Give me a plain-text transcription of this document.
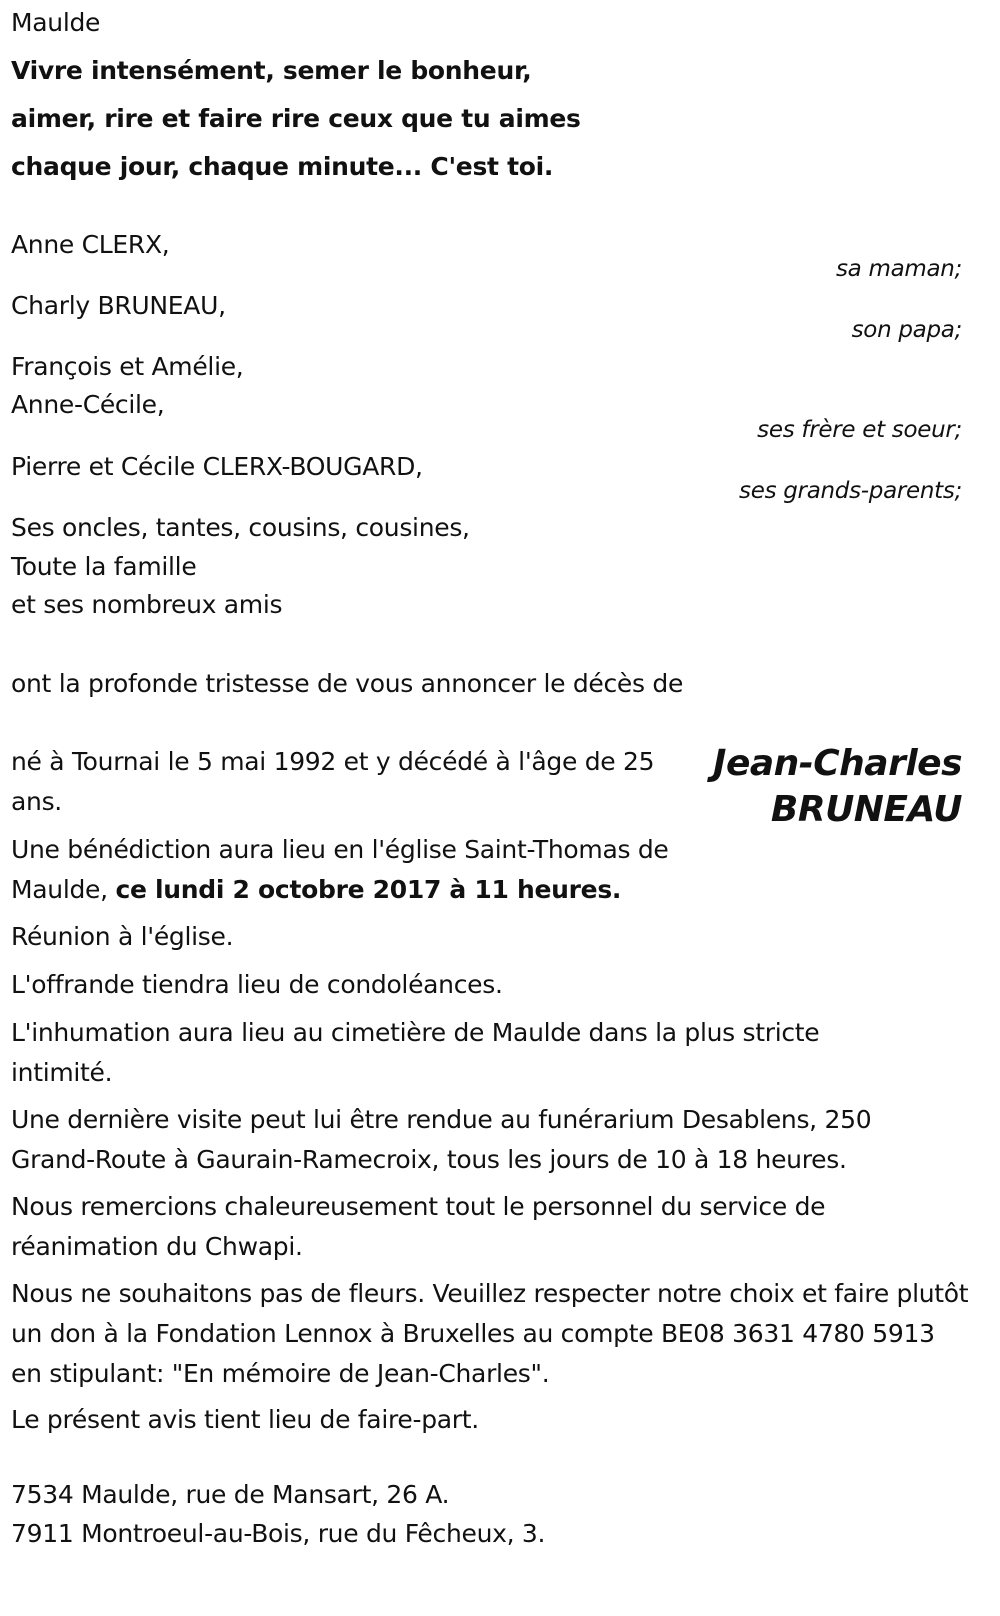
Maulde
Vivre intensément, semer le bonheur,
aimer, rire et faire rire ceux que tu aimes
chaque jour, chaque minute... C'est toi.
Anne CLERX,
sa maman;
Charly BRUNEAU,
son papa;
François et Amélie,
Anne-Cécile,
ses frère et soeur;
Pierre et Cécile CLERX-BOUGARD,
ses grands-parents;
Ses oncles, tantes, cousins, cousines,
Toute la famille
et ses nombreux amis
ont la profonde tristesse de vous annoncer le décès de
Jean-Charles
BRUNEAU
né à Tournai le 5 mai 1992 et y décédé à l'âge de 25 ans.
Une bénédiction aura lieu en l'église Saint-Thomas de Maulde, ce lundi 2 octobre 2017 à 11 heures.
Réunion à l'église.
L'offrande tiendra lieu de condoléances.
L'inhumation aura lieu au cimetière de Maulde dans la plus stricte intimité.
Une dernière visite peut lui être rendue au funérarium Desablens, 250 Grand-Route à Gaurain-Ramecroix, tous les jours de 10 à 18 heures.
Nous remercions chaleureusement tout le personnel du service de réanimation du Chwapi.
Nous ne souhaitons pas de fleurs. Veuillez respecter notre choix et faire plutôt un don à la Fondation Lennox à Bruxelles au compte BE08 3631 4780 5913 en stipulant: "En mémoire de Jean-Charles".
Le présent avis tient lieu de faire-part.
7534 Maulde, rue de Mansart, 26 A.
7911 Montroeul-au-Bois, rue du Fêcheux, 3.
